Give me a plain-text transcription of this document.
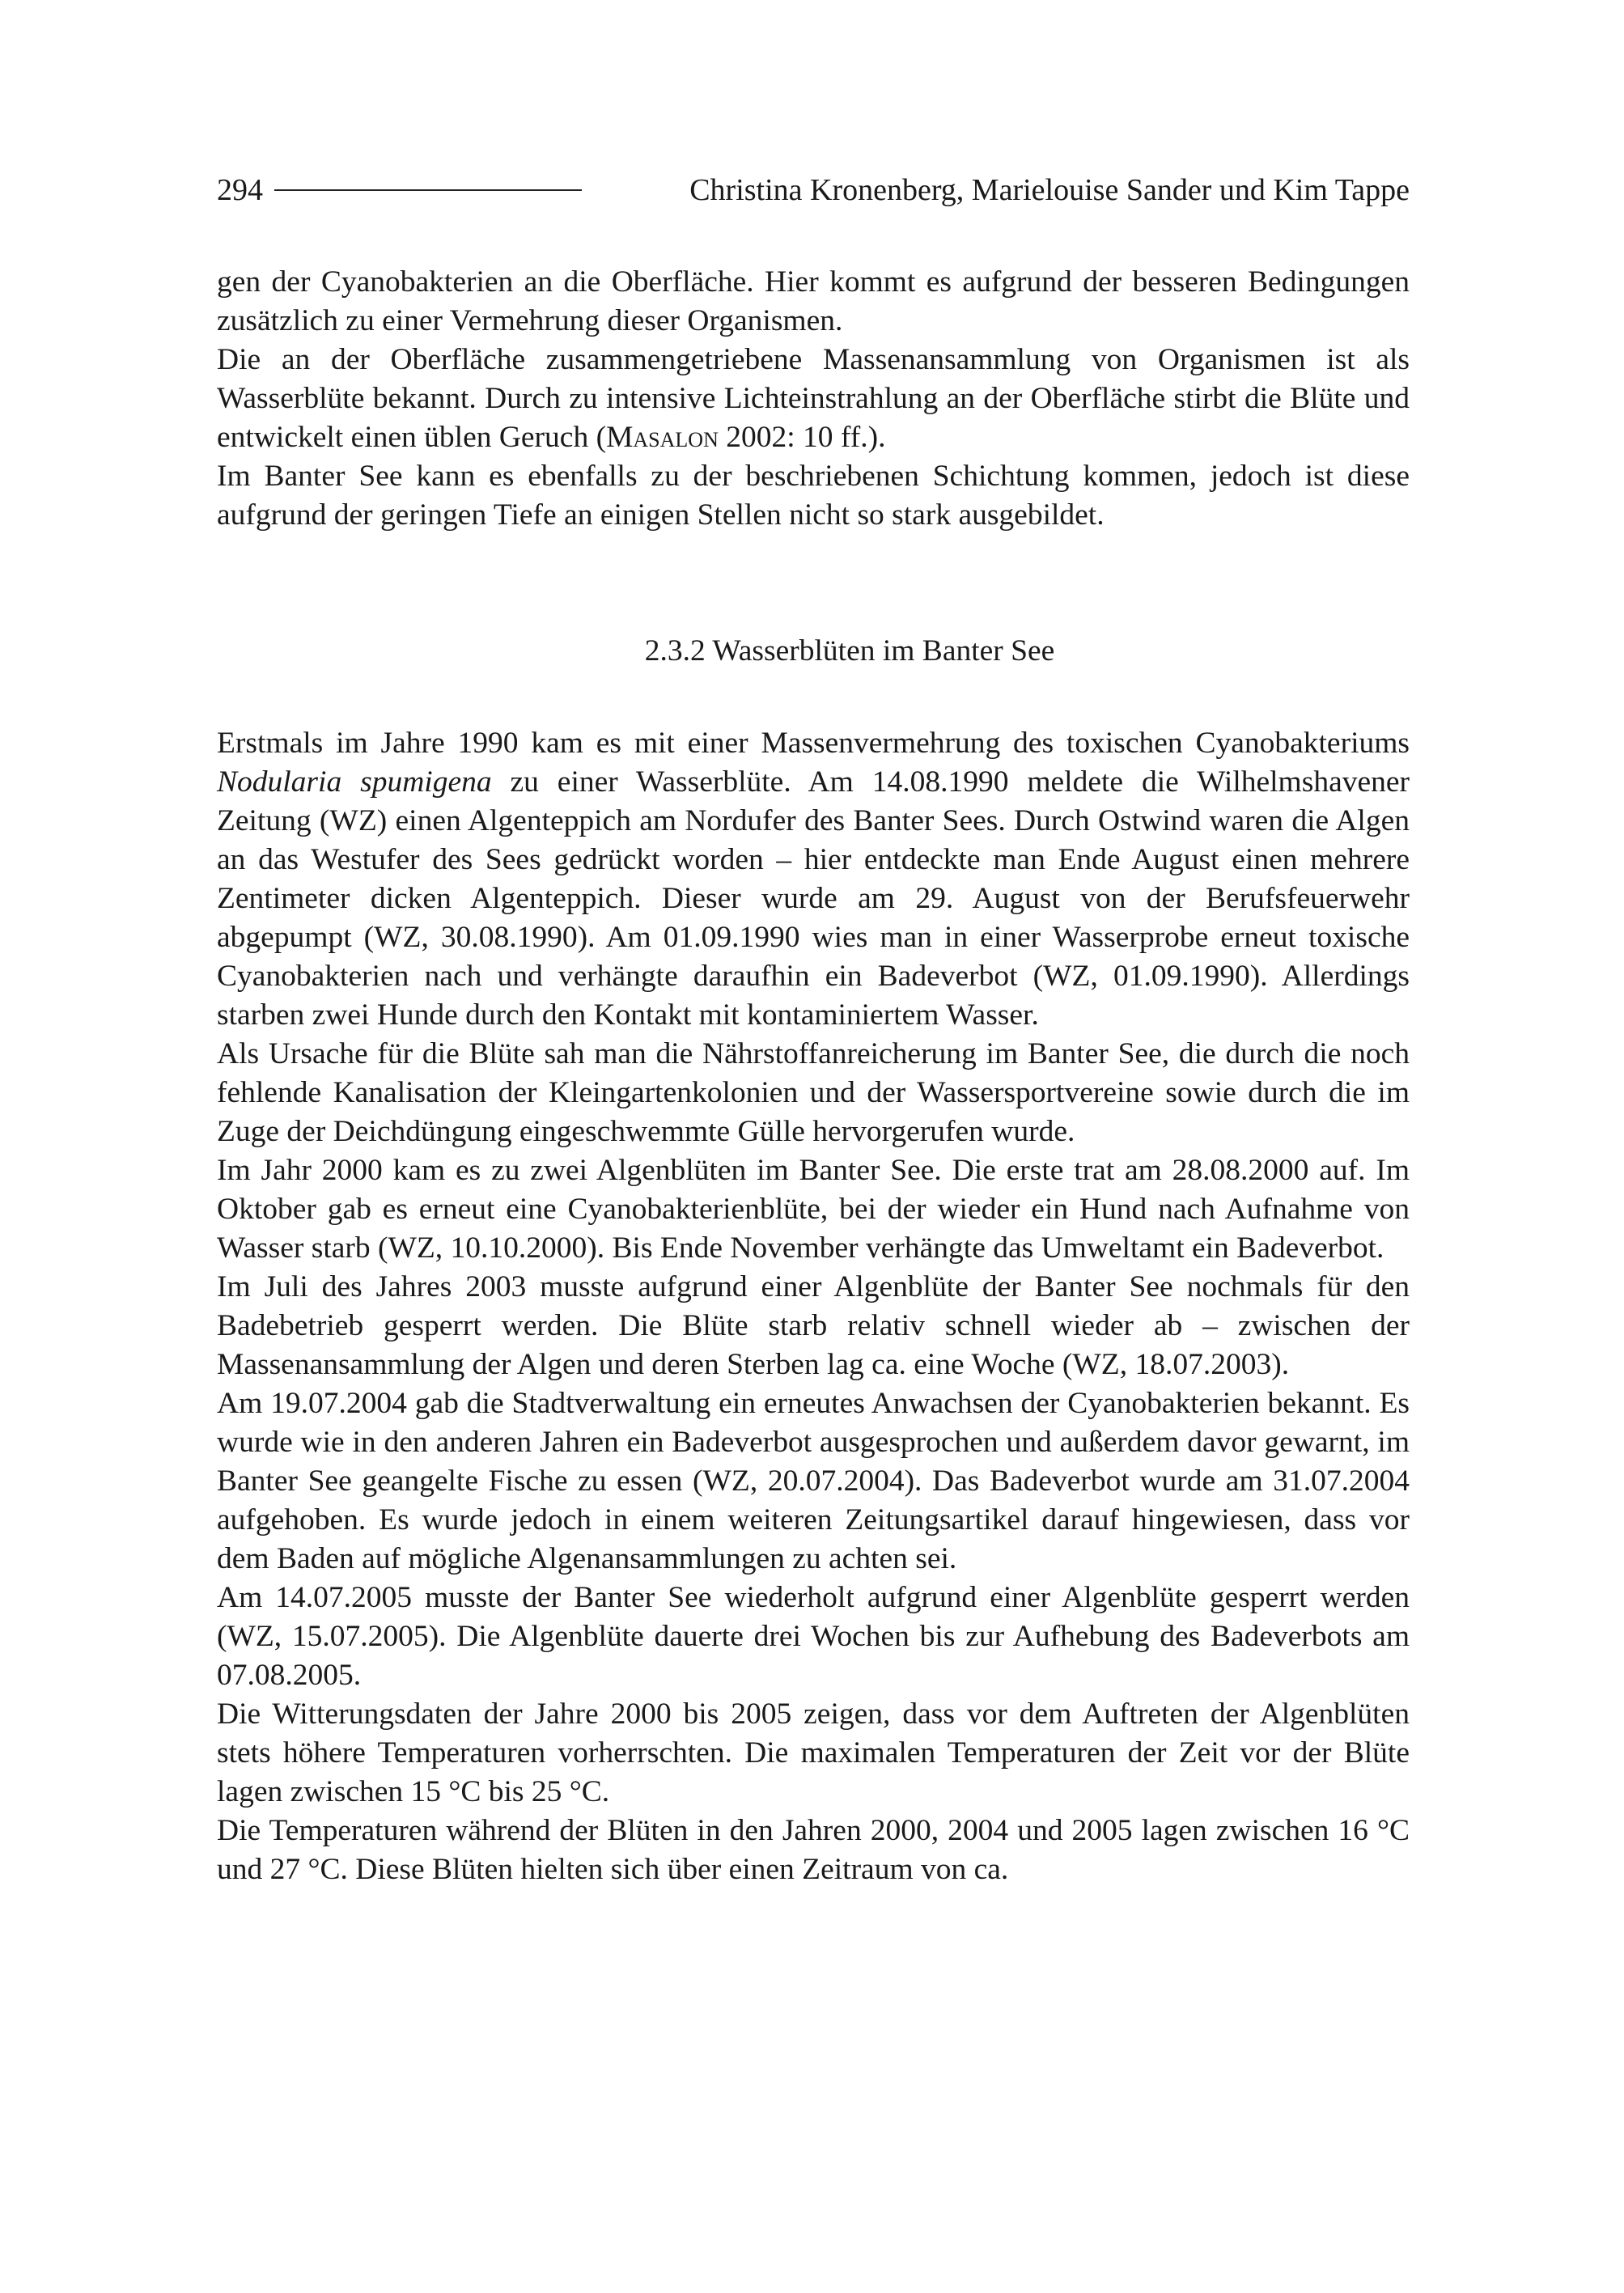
294	Christina Kronenberg, Marielouise Sander und Kim Tappe

gen der Cyanobakterien an die Oberfläche. Hier kommt es aufgrund der besseren Bedingungen zusätzlich zu einer Vermehrung dieser Organismen.

Die an der Oberfläche zusammengetriebene Massenansammlung von Organismen ist als Wasserblüte bekannt. Durch zu intensive Lichteinstrahlung an der Oberfläche stirbt die Blüte und entwickelt einen üblen Geruch (Masalon 2002: 10 ff.).

Im Banter See kann es ebenfalls zu der beschriebenen Schichtung kommen, jedoch ist diese aufgrund der geringen Tiefe an einigen Stellen nicht so stark ausgebildet.

2.3.2 Wasserblüten im Banter See

Erstmals im Jahre 1990 kam es mit einer Massenvermehrung des toxischen Cyanobakteriums Nodularia spumigena zu einer Wasserblüte. Am 14.08.1990 meldete die Wilhelmshavener Zeitung (WZ) einen Algenteppich am Nordufer des Banter Sees. Durch Ostwind waren die Algen an das Westufer des Sees gedrückt worden – hier entdeckte man Ende August einen mehrere Zentimeter dicken Algenteppich. Dieser wurde am 29. August von der Berufsfeuerwehr abgepumpt (WZ, 30.08.1990). Am 01.09.1990 wies man in einer Wasserprobe erneut toxische Cyanobakterien nach und verhängte daraufhin ein Badeverbot (WZ, 01.09.1990). Allerdings starben zwei Hunde durch den Kontakt mit kontaminiertem Wasser.

Als Ursache für die Blüte sah man die Nährstoffanreicherung im Banter See, die durch die noch fehlende Kanalisation der Kleingartenkolonien und der Wassersportvereine sowie durch die im Zuge der Deichdüngung eingeschwemmte Gülle hervorgerufen wurde.

Im Jahr 2000 kam es zu zwei Algenblüten im Banter See. Die erste trat am 28.08.2000 auf. Im Oktober gab es erneut eine Cyanobakterienblüte, bei der wieder ein Hund nach Aufnahme von Wasser starb (WZ, 10.10.2000). Bis Ende November verhängte das Umweltamt ein Badeverbot.

Im Juli des Jahres 2003 musste aufgrund einer Algenblüte der Banter See nochmals für den Badebetrieb gesperrt werden. Die Blüte starb relativ schnell wieder ab – zwischen der Massenansammlung der Algen und deren Sterben lag ca. eine Woche (WZ, 18.07.2003).

Am 19.07.2004 gab die Stadtverwaltung ein erneutes Anwachsen der Cyanobakterien bekannt. Es wurde wie in den anderen Jahren ein Badeverbot ausgesprochen und außerdem davor gewarnt, im Banter See geangelte Fische zu essen (WZ, 20.07.2004). Das Badeverbot wurde am 31.07.2004 aufgehoben. Es wurde jedoch in einem weiteren Zeitungsartikel darauf hingewiesen, dass vor dem Baden auf mögliche Algenansammlungen zu achten sei.

Am 14.07.2005 musste der Banter See wiederholt aufgrund einer Algenblüte gesperrt werden (WZ, 15.07.2005). Die Algenblüte dauerte drei Wochen bis zur Aufhebung des Badeverbots am 07.08.2005.

Die Witterungsdaten der Jahre 2000 bis 2005 zeigen, dass vor dem Auftreten der Algenblüten stets höhere Temperaturen vorherrschten. Die maximalen Temperaturen der Zeit vor der Blüte lagen zwischen 15 °C bis 25 °C.

Die Temperaturen während der Blüten in den Jahren 2000, 2004 und 2005 lagen zwischen 16 °C und 27 °C. Diese Blüten hielten sich über einen Zeitraum von ca.
